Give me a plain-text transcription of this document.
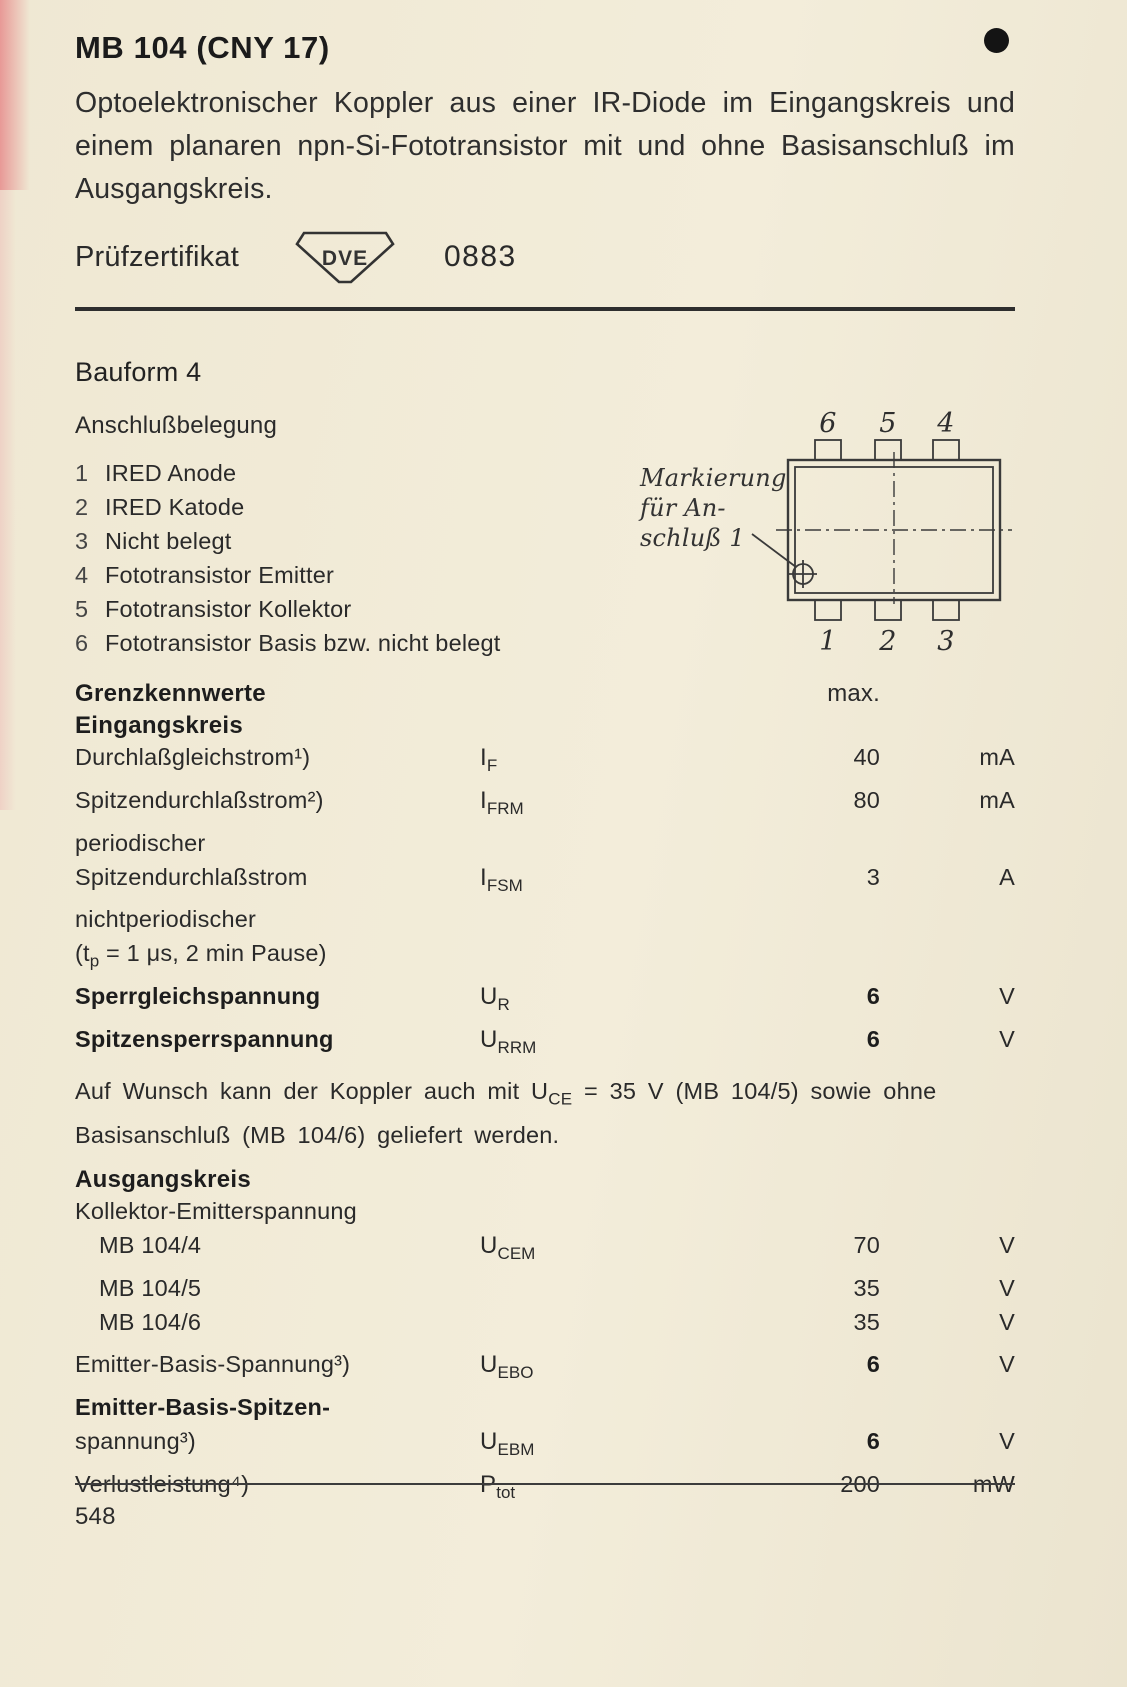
MB 104 (CNY 17)

Optoelektronischer Koppler aus einer IR-Diode im Eingangskreis und einem planaren npn-Si-Fototransistor mit und ohne Basisanschluß im Ausgangskreis.

Prüfzertifikat	DVE	0883
Bauform 4
Anschlußbelegung
1 IRED Anode
2 IRED Katode
3 Nicht belegt
4 Fototransistor Emitter
5 Fototransistor Kollektor
6 Fototransistor Basis bzw. nicht belegt
Markierung
für An-
schluß 1
6 5 4
1 2 3
Grenzkennwerte	max.
Eingangskreis
Durchlaßgleichstrom¹)	$I_F$	40	mA
Spitzendurchlaßstrom²)	$I_{FRM}$	80	mA
periodischer
Spitzendurchlaßstrom	$I_{FSM}$	3	A
nichtperiodischer
($t_p = 1$ μs, 2 min Pause)
Sperrgleichspannung	$U_R$	6	V
Spitzensperrspannung	$U_{RRM}$	6	V
Auf Wunsch kann der Koppler auch mit $U_{CE} = 35$ V (MB 104/5) sowie ohne
Basisanschluß (MB 104/6) geliefert werden.
Ausgangskreis
Kollektor-Emitterspannung
MB 104/4	$U_{CEM}$	70	V
MB 104/5	35	V
MB 104/6	35	V
Emitter-Basis-Spannung³)	$U_{EBO}$	6	V
Emitter-Basis-Spitzen-
spannung³)	$U_{EBM}$	6	V
Verlustleistung⁴)	$P_{tot}$	200	mW
548
